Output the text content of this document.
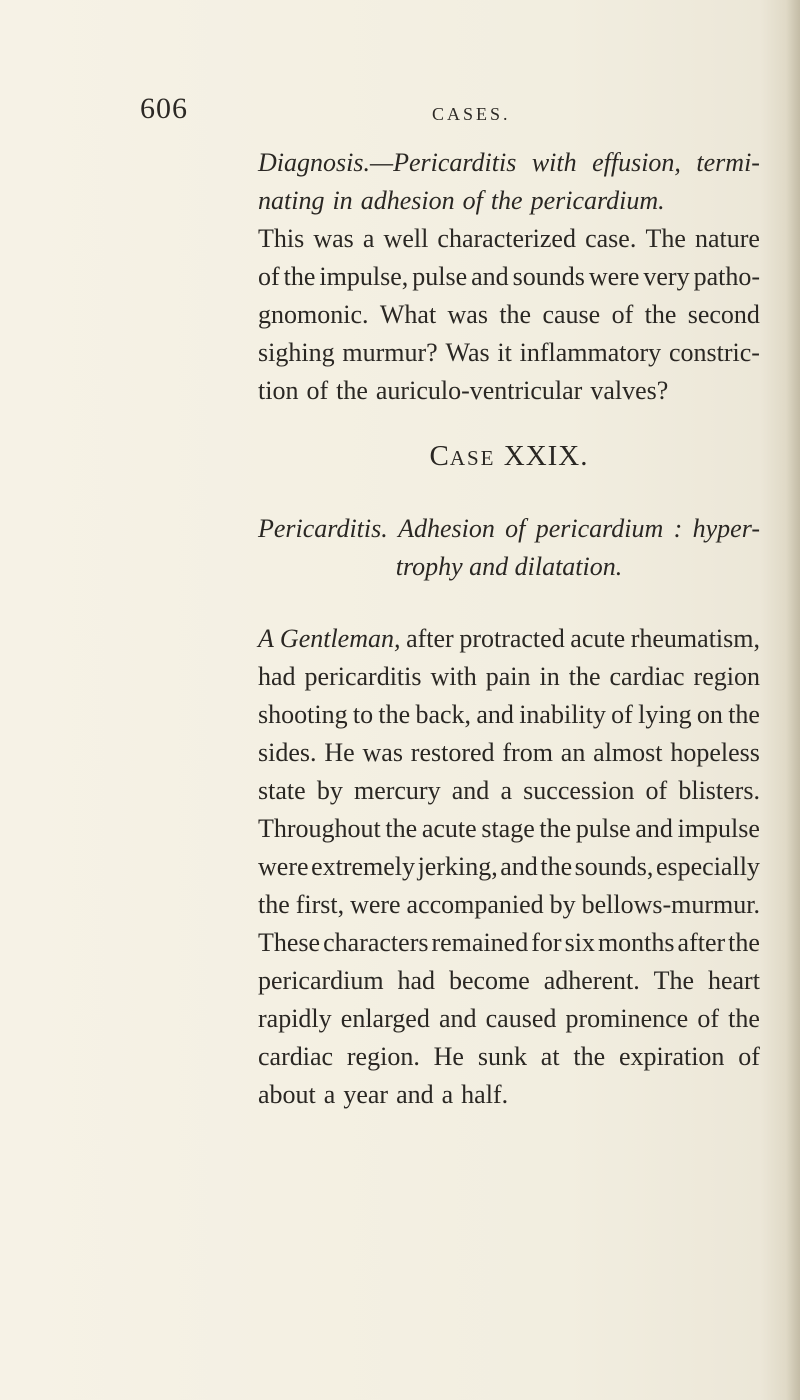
606	CASES.
Diagnosis.—Pericarditis with effusion, termi-
nating in adhesion of the pericardium.
This was a well characterized case. The nature
of the impulse, pulse and sounds were very patho-
gnomonic. What was the cause of the second
sighing murmur? Was it inflammatory constric-
tion of the auriculo-ventricular valves?
CASE XXIX.
Pericarditis. Adhesion of pericardium : hyper-
trophy and dilatation.
A Gentleman, after protracted acute rheumatism,
had pericarditis with pain in the cardiac region
shooting to the back, and inability of lying on the
sides. He was restored from an almost hopeless
state by mercury and a succession of blisters.
Throughout the acute stage the pulse and impulse
were extremely jerking, and the sounds, especially
the first, were accompanied by bellows-murmur.
These characters remained for six months after the
pericardium had become adherent. The heart
rapidly enlarged and caused prominence of the
cardiac region. He sunk at the expiration of
about a year and a half.
